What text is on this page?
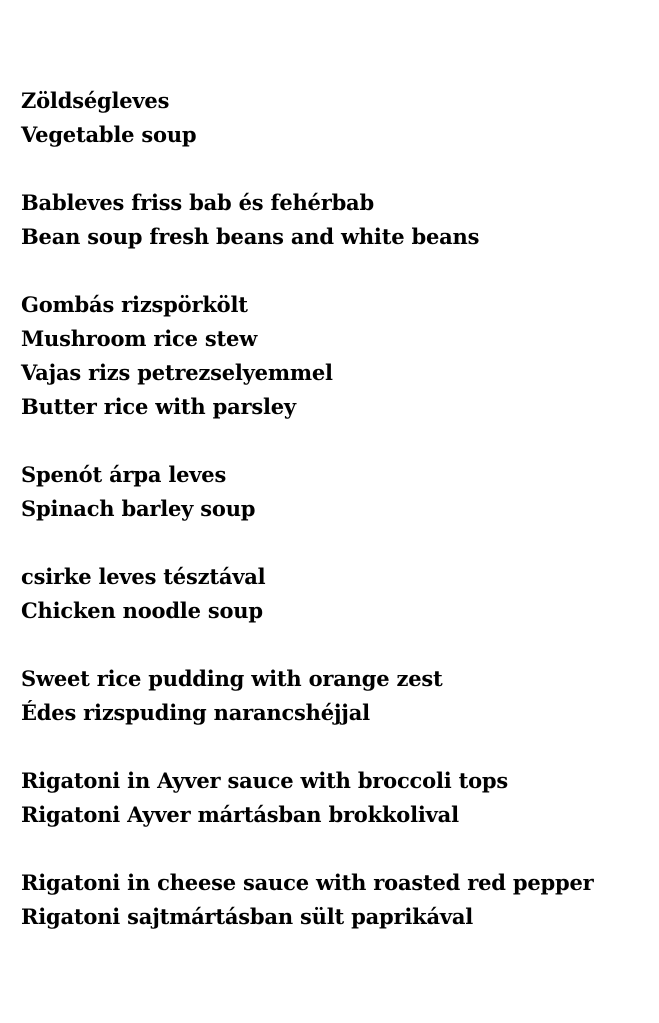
Zöldségleves
Vegetable soup
Bableves friss bab és fehérbab
Bean soup fresh beans and white beans
Gombás rizspörkölt
Mushroom rice stew
Vajas rizs petrezselyemmel
Butter rice with parsley
Spenót árpa leves
Spinach barley soup
csirke leves tésztával
Chicken noodle soup
Sweet rice pudding with orange zest
Édes rizspuding narancshéjjal
Rigatoni in Ayver sauce with broccoli tops
Rigatoni Ayver mártásban brokkolival
Rigatoni in cheese sauce with roasted red pepper
Rigatoni sajtmártásban sült paprikával
